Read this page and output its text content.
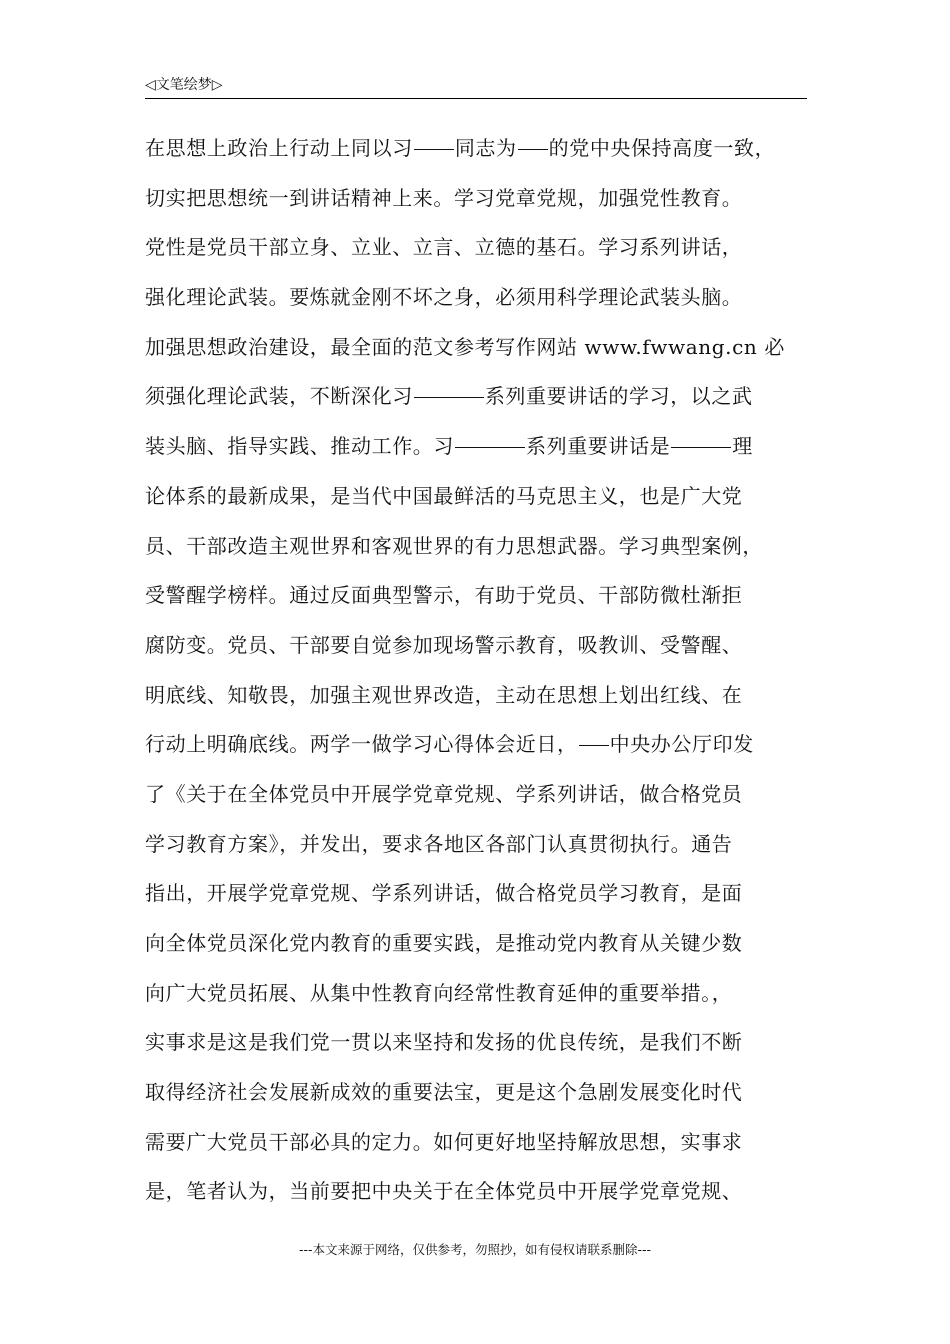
◁文笔绘梦▷
在思想上政治上行动上同以习 同志为 的党中央保持高度一致，
切实把思想统一到讲话精神上来。学习党章党规，加强党性教育。
党性是党员干部立身、立业、立言、立德的基石。学习系列讲话，
强化理论武装。要炼就金刚不坏之身，必须用科学理论武装头脑。
加强思想政治建设，最全面的范文参考写作网站 www.fwwang.cn 必
须强化理论武装，不断深化习	系列重要讲话的学习，以之武
装头脑、指导实践、推动工作。习	系列重要讲话是	理
论体系的最新成果，是当代中国最鲜活的马克思主义，也是广大党
员、干部改造主观世界和客观世界的有力思想武器。学习典型案例，
受警醒学榜样。通过反面典型警示，有助于党员、干部防微杜渐拒
腐防变。党员、干部要自觉参加现场警示教育，吸教训、受警醒、
明底线、知敬畏，加强主观世界改造，主动在思想上划出红线、在
行动上明确底线。两学一做学习心得体会近日， 中央办公厅印发
了《关于在全体党员中开展学党章党规、学系列讲话，做合格党员
学习教育方案》，并发出，要求各地区各部门认真贯彻执行。通告
指出，开展学党章党规、学系列讲话，做合格党员学习教育，是面
向全体党员深化党内教育的重要实践，是推动党内教育从关键少数
向广大党员拓展、从集中性教育向经常性教育延伸的重要举措。，
实事求是这是我们党一贯以来坚持和发扬的优良传统，是我们不断
取得经济社会发展新成效的重要法宝，更是这个急剧发展变化时代
需要广大党员干部必具的定力。如何更好地坚持解放思想，实事求
是，笔者认为，当前要把中央关于在全体党员中开展学党章党规、
---本文来源于网络，仅供参考，勿照抄，如有侵权请联系删除---
